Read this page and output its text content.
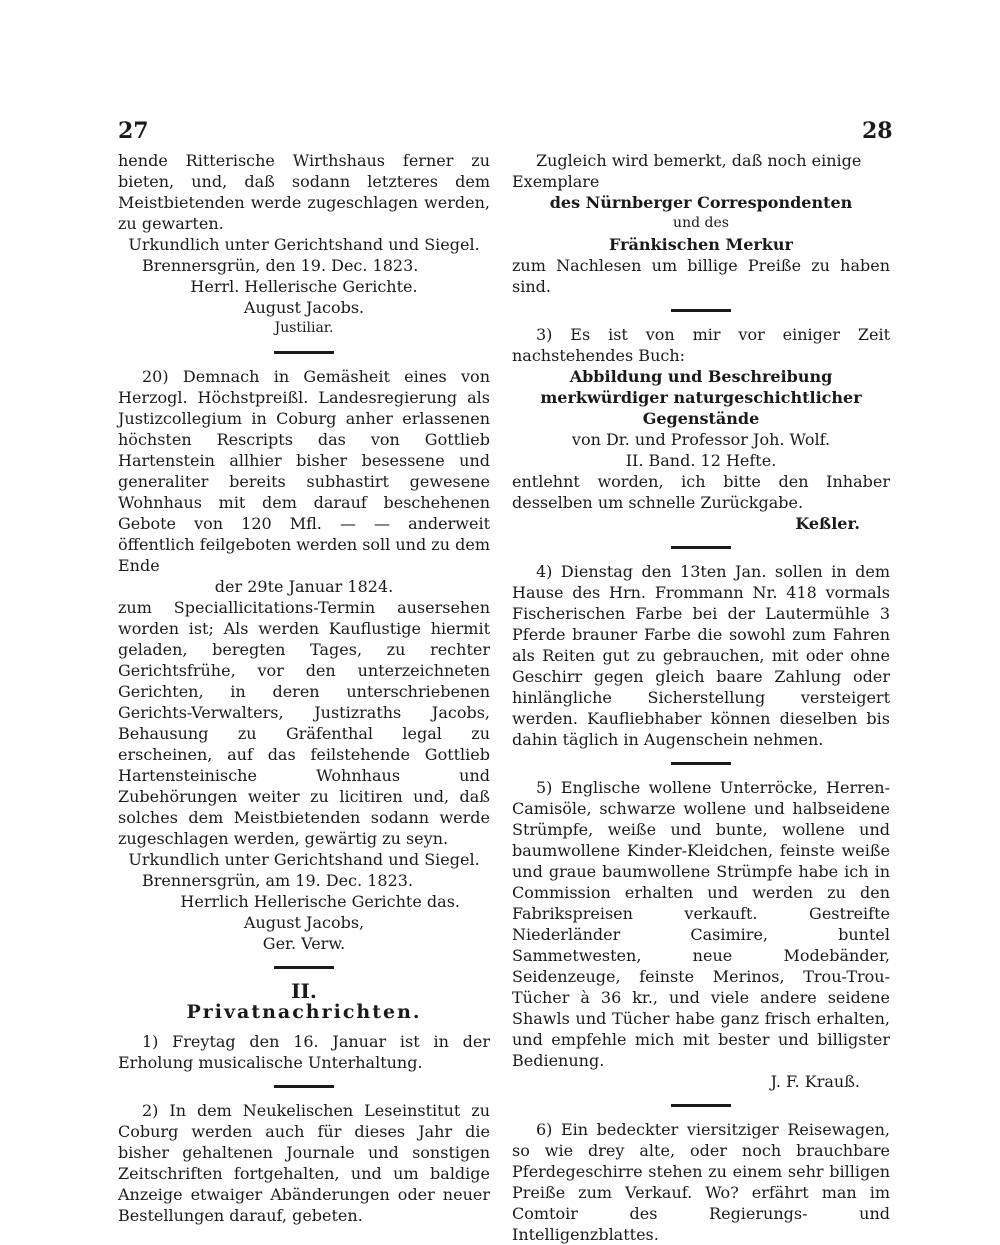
27	28

hende Ritterische Wirthshaus ferner zu bieten, und, daß sodann letzteres dem Meistbietenden werde zugeschlagen werden, zu gewarten.

Urkundlich unter Gerichtshand und Siegel.

Brennersgrün, den 19. Dec. 1823.

Herrl. Hellerische Gerichte.

August Jacobs.

Justiliar.

20) Demnach in Gemäsheit eines von Herzogl. Höchstpreißl. Landesregierung als Justizcollegium in Coburg anher erlassenen höchsten Rescripts das von Gottlieb Hartenstein allhier bisher besessene und generaliter bereits subhastirt gewesene Wohnhaus mit dem darauf beschehenen Gebote von 120 Mfl. — — anderweit öffentlich feilgeboten werden soll und zu dem Ende

der 29te Januar 1824.

zum Speciallicitations-Termin ausersehen worden ist; Als werden Kauflustige hiermit geladen, beregten Tages, zu rechter Gerichtsfrühe, vor den unterzeichneten Gerichten, in deren unterschriebenen Gerichts-Verwalters, Justizraths Jacobs, Behausung zu Gräfenthal legal zu erscheinen, auf das feilstehende Gottlieb Hartensteinische Wohnhaus und Zubehörungen weiter zu licitiren und, daß solches dem Meistbietenden sodann werde zugeschlagen werden, gewärtig zu seyn.

Urkundlich unter Gerichtshand und Siegel.

Brennersgrün, am 19. Dec. 1823.

Herrlich Hellerische Gerichte das.

August Jacobs,

Ger. Verw.

II.

Privatnachrichten.

1) Freytag den 16. Januar ist in der Erholung musicalische Unterhaltung.

2) In dem Neukelischen Leseinstitut zu Coburg werden auch für dieses Jahr die bisher gehaltenen Journale und sonstigen Zeitschriften fortgehalten, und um baldige Anzeige etwaiger Abänderungen oder neuer Bestellungen darauf, gebeten.

Zugleich wird bemerkt, daß noch einige Exemplare

des Nürnberger Correspondenten

und des

Fränkischen Merkur

zum Nachlesen um billige Preiße zu haben sind.

3) Es ist von mir vor einiger Zeit nachstehendes Buch:

Abbildung und Beschreibung merkwürdiger naturgeschichtlicher Gegenstände

von Dr. und Professor Joh. Wolf.

II. Band. 12 Hefte.

entlehnt worden, ich bitte den Inhaber desselben um schnelle Zurückgabe.

Keßler.

4) Dienstag den 13ten Jan. sollen in dem Hause des Hrn. Frommann Nr. 418 vormals Fischerischen Farbe bei der Lautermühle 3 Pferde brauner Farbe die sowohl zum Fahren als Reiten gut zu gebrauchen, mit oder ohne Geschirr gegen gleich baare Zahlung oder hinlängliche Sicherstellung versteigert werden. Kaufliebhaber können dieselben bis dahin täglich in Augenschein nehmen.

5) Englische wollene Unterröcke, Herren-Camisöle, schwarze wollene und halbseidene Strümpfe, weiße und bunte, wollene und baumwollene Kinder-Kleidchen, feinste weiße und graue baumwollene Strümpfe habe ich in Commission erhalten und werden zu den Fabrikspreisen verkauft. Gestreifte Niederländer Casimire, buntel Sammetwesten, neue Modebänder, Seidenzeuge, feinste Merinos, Trou-Trou-Tücher à 36 kr., und viele andere seidene Shawls und Tücher habe ganz frisch erhalten, und empfehle mich mit bester und billigster Bedienung.

J. F. Krauß.

6) Ein bedeckter viersitziger Reisewagen, so wie drey alte, oder noch brauchbare Pferdegeschirre stehen zu einem sehr billigen Preiße zum Verkauf. Wo? erfährt man im Comtoir des Regierungs- und Intelligenzblattes.
